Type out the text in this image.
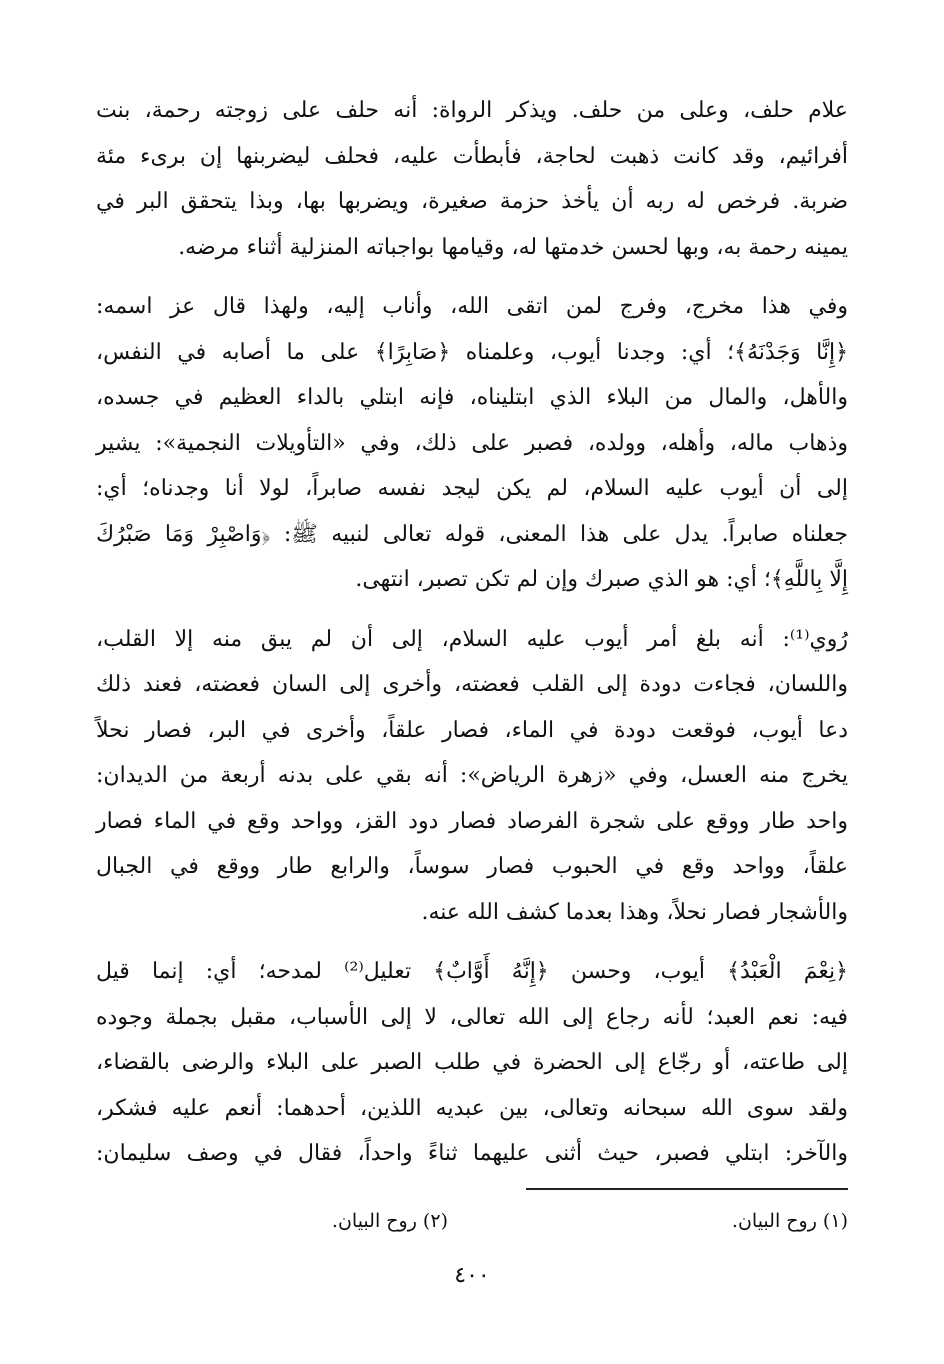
علام حلف، وعلى من حلف. ويذكر الرواة: أنه حلف على زوجته رحمة، بنت
أفرائيم، وقد كانت ذهبت لحاجة، فأبطأت عليه، فحلف ليضربنها إن برىء مئة
ضربة. فرخص له ربه أن يأخذ حزمة صغيرة، ويضربها بها، وبذا يتحقق البر في
يمينه رحمة به، وبها لحسن خدمتها له، وقيامها بواجباته المنزلية أثناء مرضه.
وفي هذا مخرج، وفرج لمن اتقى الله، وأناب إليه، ولهذا قال عز اسمه:
﴿إِنَّا وَجَدْنَهُ﴾؛ أي: وجدنا أيوب، وعلمناه ﴿صَابِرًا﴾ على ما أصابه في النفس،
والأهل، والمال من البلاء الذي ابتليناه، فإنه ابتلي بالداء العظيم في جسده،
وذهاب ماله، وأهله، وولده، فصبر على ذلك، وفي «التأويلات النجمية»: يشير
إلى أن أيوب عليه السلام، لم يكن ليجد نفسه صابراً، لولا أنا وجدناه؛ أي:
جعلناه صابراً. يدل على هذا المعنى، قوله تعالى لنبيه ﷺ: ﴿وَاصْبِرْ وَمَا صَبْرُكَ
إِلَّا بِاللَّهِ﴾؛ أي: هو الذي صبرك وإن لم تكن تصبر، انتهى.
رُوي⁽¹⁾: أنه بلغ أمر أيوب عليه السلام، إلى أن لم يبق منه إلا القلب،
واللسان، فجاءت دودة إلى القلب فعضته، وأخرى إلى السان فعضته، فعند ذلك
دعا أيوب، فوقعت دودة في الماء، فصار علقاً، وأخرى في البر، فصار نحلاً
يخرج منه العسل، وفي «زهرة الرياض»: أنه بقي على بدنه أربعة من الديدان:
واحد طار ووقع على شجرة الفرصاد فصار دود القز، وواحد وقع في الماء فصار
علقاً، وواحد وقع في الحبوب فصار سوساً، والرابع طار ووقع في الجبال
والأشجار فصار نحلاً، وهذا بعدما كشف الله عنه.
﴿نِعْمَ الْعَبْدُ﴾ أيوب، وحسن ﴿إِنَّهُ أَوَّابٌ﴾ تعليل⁽²⁾ لمدحه؛ أي: إنما قيل
فيه: نعم العبد؛ لأنه رجاع إلى الله تعالى، لا إلى الأسباب، مقبل بجملة وجوده
إلى طاعته، أو رجّاع إلى الحضرة في طلب الصبر على البلاء والرضى بالقضاء،
ولقد سوى الله سبحانه وتعالى، بين عبديه اللذين، أحدهما: أنعم عليه فشكر،
والآخر: ابتلي فصبر، حيث أثنى عليهما ثناءً واحداً، فقال في وصف سليمان:
(١) روح البيان.
(٢) روح البيان.
٤٠٠
